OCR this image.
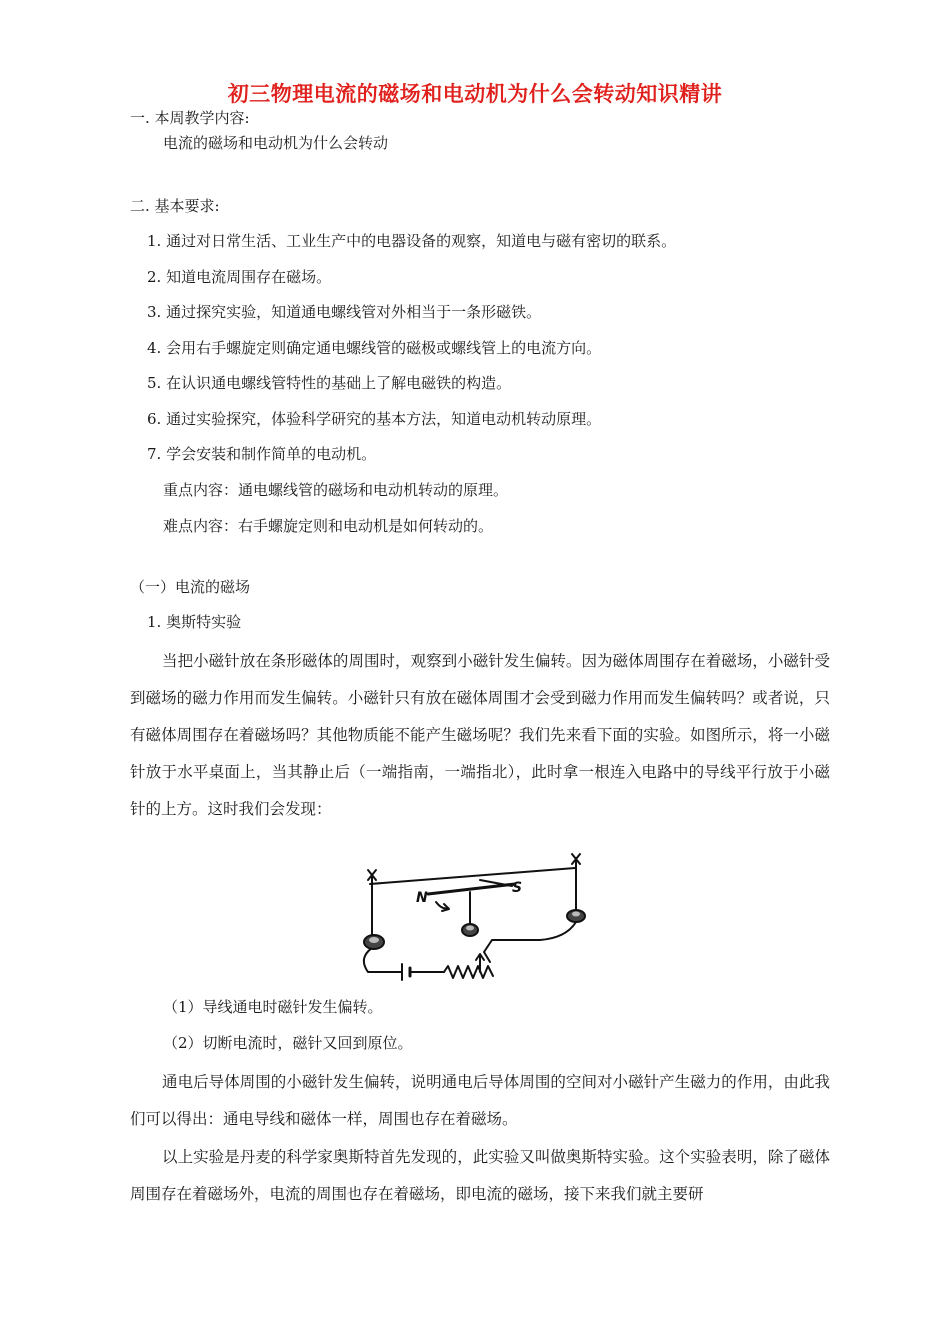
初三物理电流的磁场和电动机为什么会转动知识精讲
一. 本周教学内容:
电流的磁场和电动机为什么会转动
二. 基本要求:
1. 通过对日常生活、工业生产中的电器设备的观察，知道电与磁有密切的联系。
2. 知道电流周围存在磁场。
3. 通过探究实验，知道通电螺线管对外相当于一条形磁铁。
4. 会用右手螺旋定则确定通电螺线管的磁极或螺线管上的电流方向。
5. 在认识通电螺线管特性的基础上了解电磁铁的构造。
6. 通过实验探究，体验科学研究的基本方法，知道电动机转动原理。
7. 学会安装和制作简单的电动机。
重点内容：通电螺线管的磁场和电动机转动的原理。
难点内容：右手螺旋定则和电动机是如何转动的。
（一）电流的磁场
1. 奥斯特实验
当把小磁针放在条形磁体的周围时，观察到小磁针发生偏转。因为磁体周围存在着磁场，小磁针受到磁场的磁力作用而发生偏转。小磁针只有放在磁体周围才会受到磁力作用而发生偏转吗？或者说，只有磁体周围存在着磁场吗？其他物质能不能产生磁场呢？我们先来看下面的实验。如图所示，将一小磁针放于水平桌面上，当其静止后（一端指南，一端指北），此时拿一根连入电路中的导线平行放于小磁针的上方。这时我们会发现：
N
S
（1）导线通电时磁针发生偏转。
（2）切断电流时，磁针又回到原位。
通电后导体周围的小磁针发生偏转，说明通电后导体周围的空间对小磁针产生磁力的作用，由此我们可以得出：通电导线和磁体一样，周围也存在着磁场。
以上实验是丹麦的科学家奥斯特首先发现的，此实验又叫做奥斯特实验。这个实验表明，除了磁体周围存在着磁场外，电流的周围也存在着磁场，即电流的磁场，接下来我们就主要研
